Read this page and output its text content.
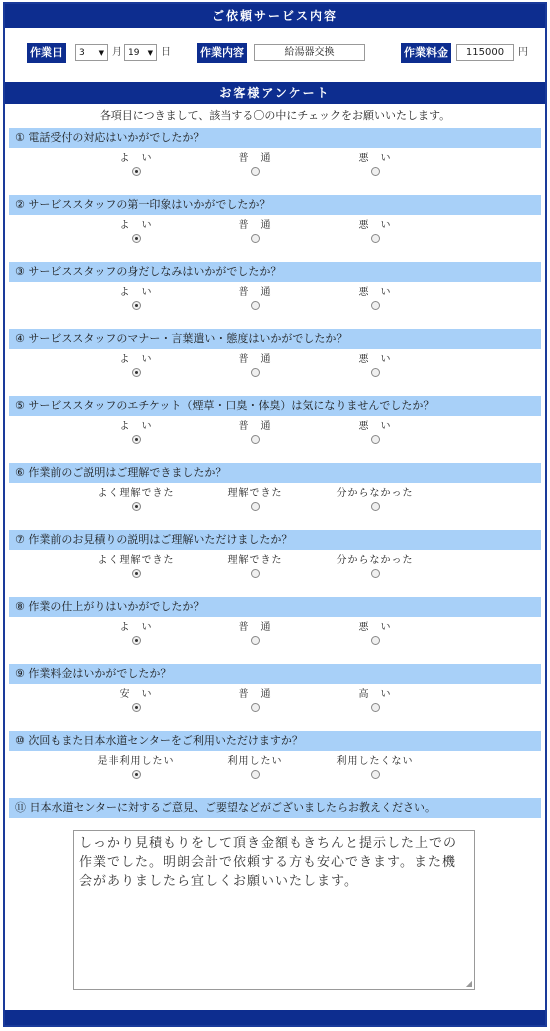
ご依頼サービス内容
作業日	3 ▼ 月 19 ▼ 日	作業内容	給湯器交換	作業料金	115000	円
お客様アンケート
各項目につきまして、該当する〇の中にチェックをお願いいたします。
① 電話受付の対応はいかがでしたか？
よ　い	普　通	悪　い
② サービススタッフの第一印象はいかがでしたか？
よ　い	普　通	悪　い
③ サービススタッフの身だしなみはいかがでしたか？
よ　い	普　通	悪　い
④ サービススタッフのマナー・言葉遣い・態度はいかがでしたか？
よ　い	普　通	悪　い
⑤ サービススタッフのエチケット（煙草・口臭・体臭）は気になりませんでしたか？
よ　い	普　通	悪　い
⑥ 作業前のご説明はご理解できましたか？
よく理解できた	理解できた	分からなかった
⑦ 作業前のお見積りの説明はご理解いただけましたか？
よく理解できた	理解できた	分からなかった
⑧ 作業の仕上がりはいかがでしたか？
よ　い	普　通	悪　い
⑨ 作業料金はいかがでしたか？
安　い	普　通	高　い
⑩ 次回もまた日本水道センターをご利用いただけますか？
是非利用したい	利用したい	利用したくない
⑪ 日本水道センターに対するご意見、ご要望などがございましたらお教えください。
しっかり見積もりをして頂き金額もきちんと提示した上での作業でした。明朗会計で依頼する方も安心できます。また機会がありましたら宜しくお願いいたします。
◢
